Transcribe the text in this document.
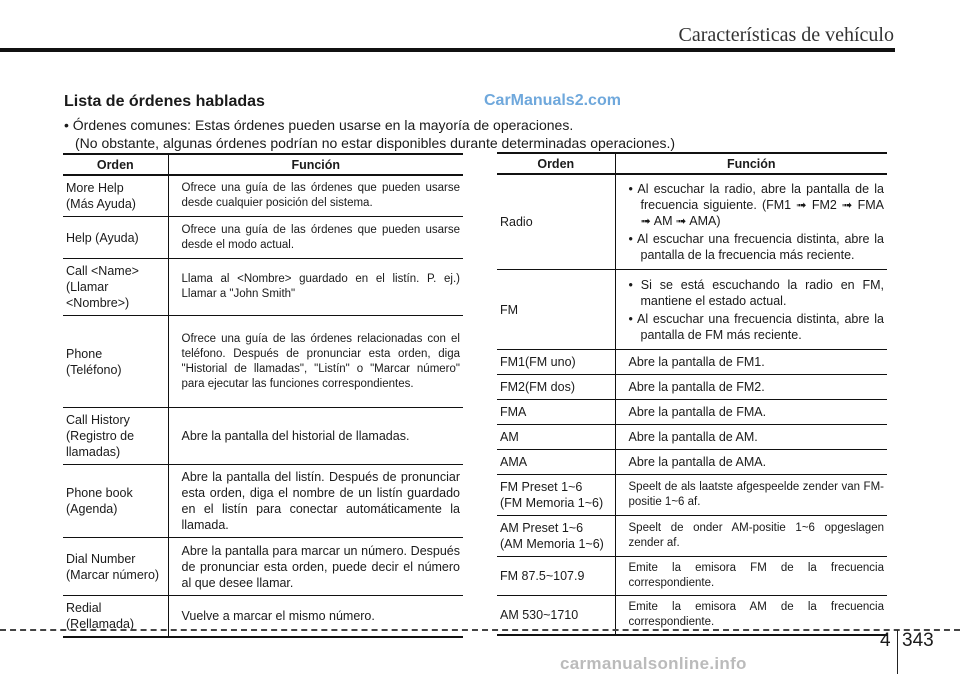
Características de vehículo
Lista de órdenes habladas	CarManuals2.com
• Órdenes comunes: Estas órdenes pueden usarse en la mayoría de operaciones.
(No obstante, algunas órdenes podrían no estar disponibles durante determinadas operaciones.)
Orden	Función
More Help
(Más Ayuda)	Ofrece una guía de las órdenes que pueden usarse desde cualquier posición del sistema.
Help (Ayuda)	Ofrece una guía de las órdenes que pueden usarse desde el modo actual.
Call <Name>
(Llamar
<Nombre>)	Llama al <Nombre> guardado en el listín. P. ej.) Llamar a "John Smith"
Phone
(Teléfono)	Ofrece una guía de las órdenes relacionadas con el teléfono. Después de pronunciar esta orden, diga "Historial de llamadas", "Listín" o "Marcar número" para ejecutar las funciones correspondientes.
Call History
(Registro de
llamadas)	Abre la pantalla del historial de llamadas.
Phone book
(Agenda)	Abre la pantalla del listín. Después de pronunciar esta orden, diga el nombre de un listín guardado en el listín para conectar automáticamente la llamada.
Dial Number
(Marcar número)	Abre la pantalla para marcar un número. Después de pronunciar esta orden, puede decir el número al que desee llamar.
Redial
(Rellamada)	Vuelve a marcar el mismo número.
Orden	Función
Radio	• Al escuchar la radio, abre la pantalla de la frecuencia siguiente. (FM1 ➟ FM2 ➟ FMA ➟ AM ➟ AMA)
• Al escuchar una frecuencia distinta, abre la pantalla de la frecuencia más reciente.

FM	• Si se está escuchando la radio en FM, mantiene el estado actual.
• Al escuchar una frecuencia distinta, abre la pantalla de FM más reciente.

FM1(FM uno)	Abre la pantalla de FM1.
FM2(FM dos)	Abre la pantalla de FM2.
FMA	Abre la pantalla de FMA.
AM	Abre la pantalla de AM.
AMA	Abre la pantalla de AMA.
FM Preset 1~6
(FM Memoria 1~6)	Speelt de als laatste afgespeelde zender van FM-positie 1~6 af.
AM Preset 1~6
(AM Memoria 1~6)	Speelt de onder AM-positie 1~6 opgeslagen zender af.
FM 87.5~107.9	Emite la emisora FM de la frecuencia correspondiente.
AM 530~1710	Emite la emisora AM de la frecuencia correspondiente.
4 343
carmanualsonline.info
